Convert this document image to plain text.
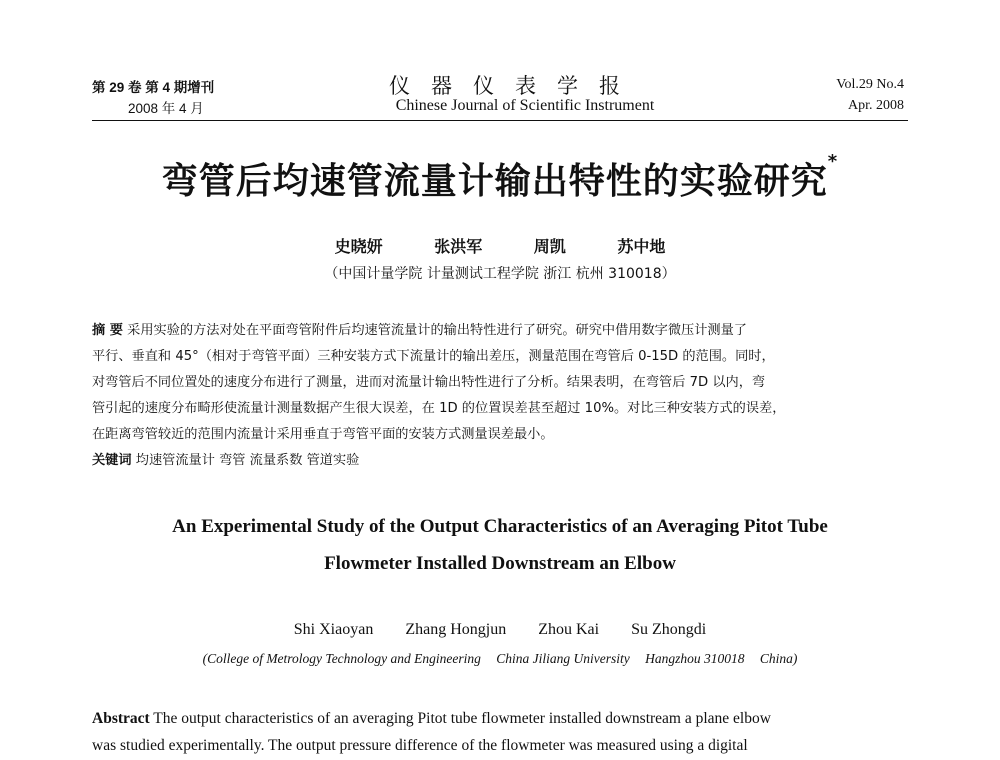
第 29 卷 第 4 期增刊
2008 年 4 月
仪器仪表学报
Chinese Journal of Scientific Instrument
Vol.29 No.4
Apr. 2008
弯管后均速管流量计输出特性的实验研究*
史晓妍	张洪军	周凯	苏中地
（中国计量学院 计量测试工程学院 浙江 杭州 310018）
摘 要 采用实验的方法对处在平面弯管附件后均速管流量计的输出特性进行了研究。研究中借用数字微压计测量了
平行、垂直和 45°（相对于弯管平面）三种安装方式下流量计的输出差压，测量范围在弯管后 0-15D 的范围。同时，
对弯管后不同位置处的速度分布进行了测量，进而对流量计输出特性进行了分析。结果表明，在弯管后 7D 以内，弯
管引起的速度分布畸形使流量计测量数据产生很大误差，在 1D 的位置误差甚至超过 10%。对比三种安装方式的误差，
在距离弯管较近的范围内流量计采用垂直于弯管平面的安装方式测量误差最小。
关键词 均速管流量计 弯管 流量系数 管道实验
An Experimental Study of the Output Characteristics of an Averaging Pitot Tube
Flowmeter Installed Downstream an Elbow
Shi Xiaoyan Zhang Hongjun Zhou Kai Su Zhongdi
(College of Metrology Technology and Engineering China Jiliang University Hangzhou 310018 China)
Abstract The output characteristics of an averaging Pitot tube flowmeter installed downstream a plane elbow
was studied experimentally. The output pressure difference of the flowmeter was measured using a digital
